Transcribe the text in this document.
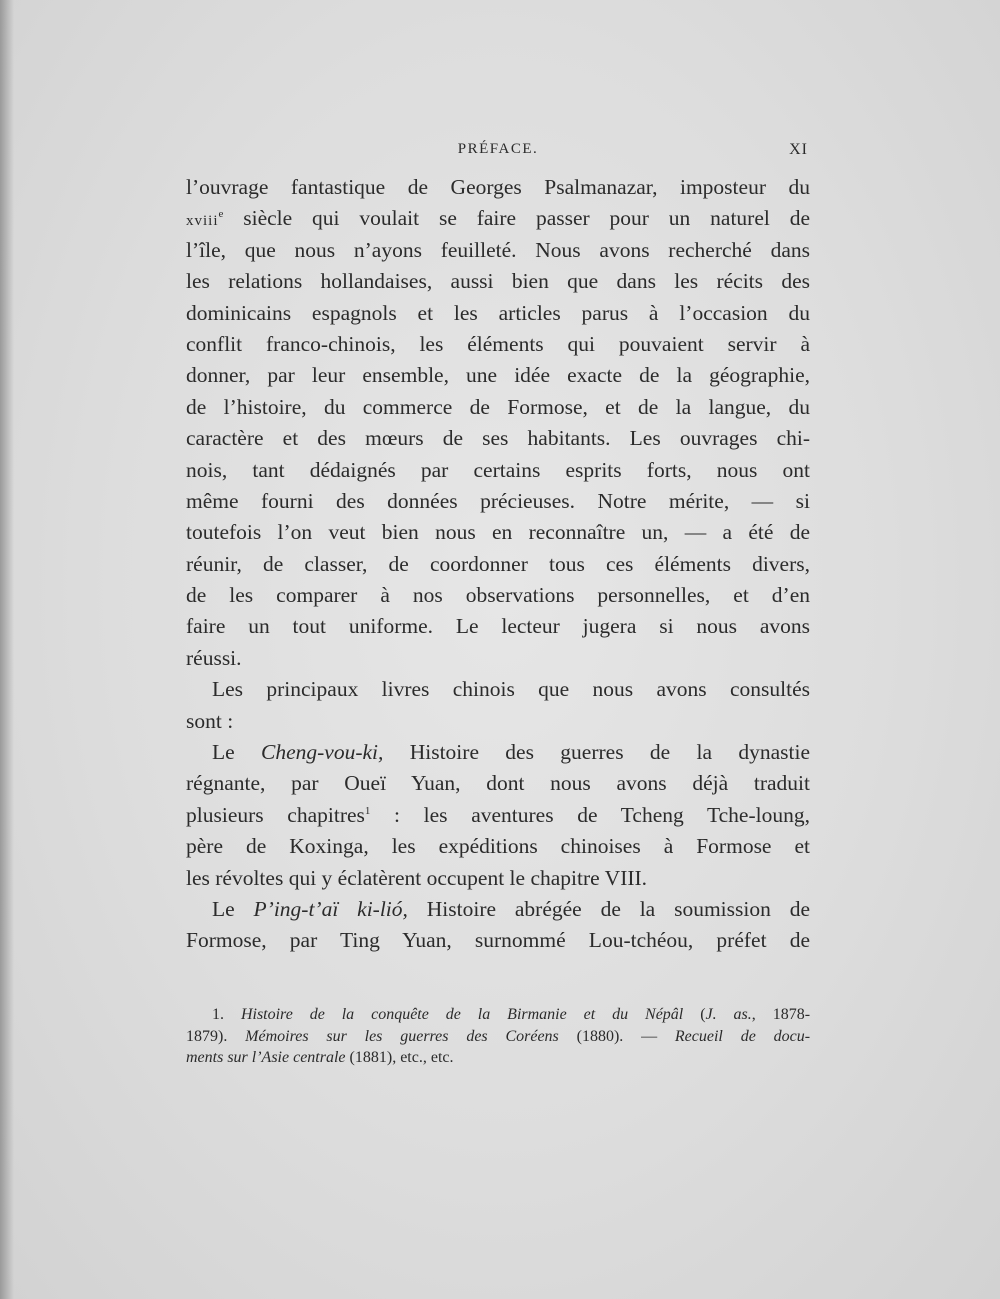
PRÉFACE.	XI
l’ouvrage fantastique de Georges Psalmanazar, imposteur du
xviii$^e$ siècle qui voulait se faire passer pour un naturel de
l’île, que nous n’ayons feuilleté. Nous avons recherché dans
les relations hollandaises, aussi bien que dans les récits des
dominicains espagnols et les articles parus à l’occasion du
conflit franco-chinois, les éléments qui pouvaient servir à
donner, par leur ensemble, une idée exacte de la géographie,
de l’histoire, du commerce de Formose, et de la langue, du
caractère et des mœurs de ses habitants. Les ouvrages chi-
nois, tant dédaignés par certains esprits forts, nous ont
même fourni des données précieuses. Notre mérite, — si
toutefois l’on veut bien nous en reconnaître un, — a été de
réunir, de classer, de coordonner tous ces éléments divers,
de les comparer à nos observations personnelles, et d’en
faire un tout uniforme. Le lecteur jugera si nous avons
réussi.
Les principaux livres chinois que nous avons consultés
sont :
Le Cheng-vou-ki, Histoire des guerres de la dynastie
régnante, par Oueï Yuan, dont nous avons déjà traduit
plusieurs chapitres$^1$ : les aventures de Tcheng Tche-loung,
père de Koxinga, les expéditions chinoises à Formose et
les révoltes qui y éclatèrent occupent le chapitre VIII.
Le P’ing-t’aï ki-lió, Histoire abrégée de la soumission de
Formose, par Ting Yuan, surnommé Lou-tchéou, préfet de
1. Histoire de la conquête de la Birmanie et du Népâl (J. as., 1878-
1879). Mémoires sur les guerres des Coréens (1880). — Recueil de docu-
ments sur l’Asie centrale (1881), etc., etc.
